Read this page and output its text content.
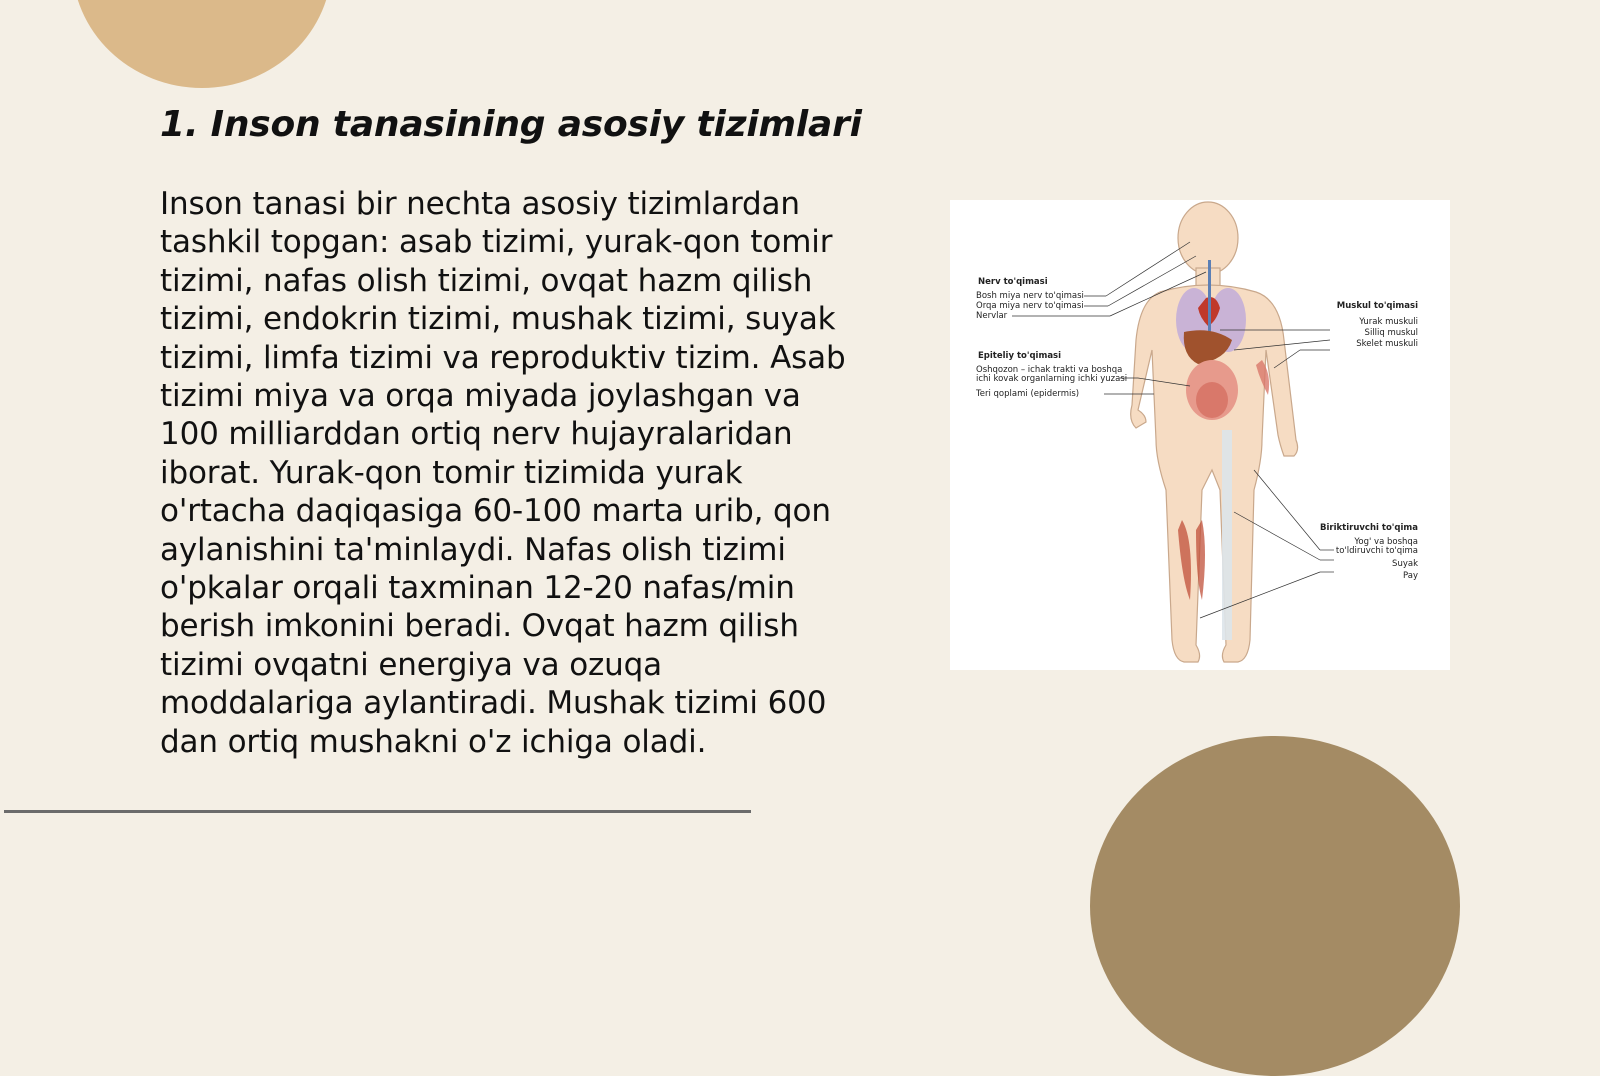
1. Inson tanasining asosiy tizimlari

Inson tanasi bir nechta asosiy tizimlardan tashkil topgan: asab tizimi, yurak-qon tomir tizimi, nafas olish tizimi, ovqat hazm qilish tizimi, endokrin tizimi, mushak tizimi, suyak tizimi, limfa tizimi va reproduktiv tizim. Asab tizimi miya va orqa miyada joylashgan va 100 milliarddan ortiq nerv hujayralaridan iborat. Yurak-qon tomir tizimida yurak o'rtacha daqiqasiga 60-100 marta urib, qon aylanishini ta'minlaydi. Nafas olish tizimi o'pkalar orqali taxminan 12-20 nafas/min berish imkonini beradi. Ovqat hazm qilish tizimi ovqatni energiya va ozuqa moddalariga aylantiradi. Mushak tizimi 600 dan ortiq mushakni o'z ichiga oladi.

Nerv to'qimasi
Bosh miya nerv to'qimasi
Orqa miya nerv to'qimasi
Nervlar
Epiteliy to'qimasi
Oshqozon – ichak trakti va boshqa
ichi kovak organlarning ichki yuzasi
Teri qoplami (epidermis)
Muskul to'qimasi
Yurak muskuli
Silliq muskul
Skelet muskuli
Biriktiruvchi to'qima
Yog' va boshqa
to'ldiruvchi to'qima
Suyak
Pay
